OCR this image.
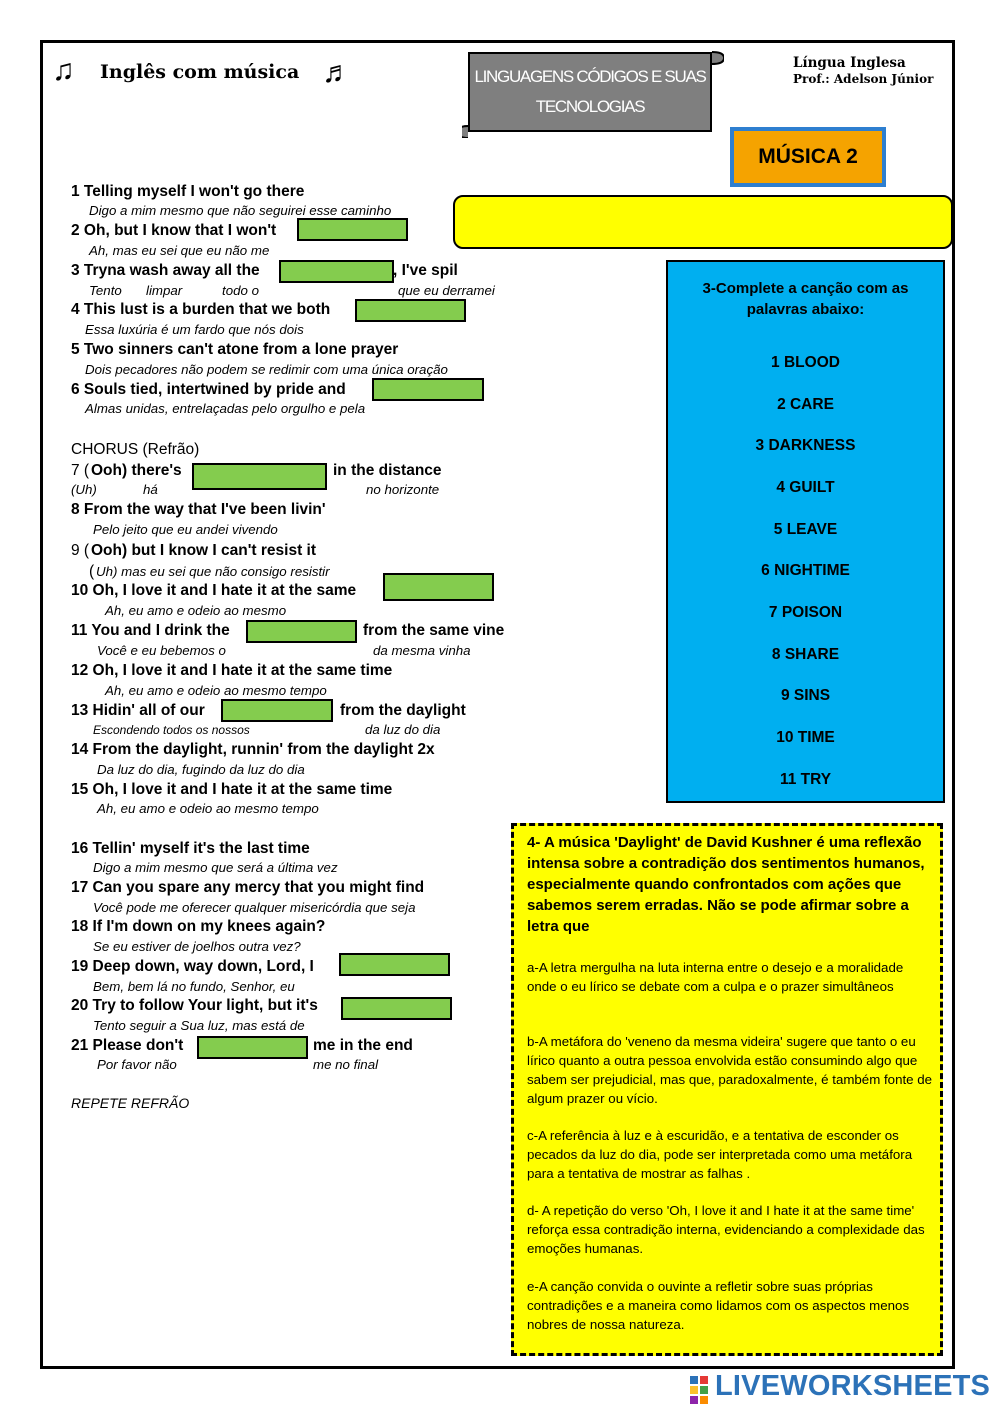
♫ Inglês com música ♬	LINGUAGENS CÓDIGOS E SUAS
TECNOLOGIAS
Língua Inglesa
Prof.: Adelson Júnior
MÚSICA 2
1 Telling myself I won't go there
Digo a mim mesmo que não seguirei esse caminho
2 Oh, but I know that I won't
Ah, mas eu sei que eu não me
3 Tryna wash away all the	, I've spil
Tento limpar	todo o	que eu derramei
4 This lust is a burden that we both
Essa luxúria é um fardo que nós dois
5 Two sinners can't atone from a lone prayer
Dois pecadores não podem se redimir com uma única oração
6 Souls tied, intertwined by pride and
Almas unidas, entrelaçadas pelo orgulho e pela
CHORUS (Refrão)
7 ( Ooh) there's	in the distance
(Uh)	há	no horizonte
8 From the way that I've been livin'
Pelo jeito que eu andei vivendo
9 ( Ooh) but I know I can't resist it
( Uh) mas eu sei que não consigo resistir
10 Oh, I love it and I hate it at the same
Ah, eu amo e odeio ao mesmo
11 You and I drink the	from the same vine
Você e eu bebemos o	da mesma vinha
12 Oh, I love it and I hate it at the same time
Ah, eu amo e odeio ao mesmo tempo
13 Hidin' all of our	from the daylight
Escondendo todos os nossos	da luz do dia
14 From the daylight, runnin' from the daylight 2x
Da luz do dia, fugindo da luz do dia
15 Oh, I love it and I hate it at the same time
Ah, eu amo e odeio ao mesmo tempo
16 Tellin' myself it's the last time
Digo a mim mesmo que será a última vez
17 Can you spare any mercy that you might find
Você pode me oferecer qualquer misericórdia que seja
18 If I'm down on my knees again?
Se eu estiver de joelhos outra vez?
19 Deep down, way down, Lord, I
Bem, bem lá no fundo, Senhor, eu
20 Try to follow Your light, but it's
Tento seguir a Sua luz, mas está de
21 Please don't	me in the end
Por favor não	me no final
REPETE REFRÃO
3-Complete a canção com as
palavras abaixo:
1 BLOOD
2 CARE
3 DARKNESS
4 GUILT
5 LEAVE
6 NIGHTIME
7 POISON
8 SHARE
9 SINS
10 TIME
11 TRY
4- A música 'Daylight' de David Kushner é uma reflexão intensa sobre a contradição dos sentimentos humanos, especialmente quando confrontados com ações que sabemos serem erradas. Não se pode afirmar sobre a letra que
a-A letra mergulha na luta interna entre o desejo e a moralidade onde o eu lírico se debate com a culpa e o prazer simultâneos
b-A metáfora do 'veneno da mesma videira' sugere que tanto o eu lírico quanto a outra pessoa envolvida estão consumindo algo que sabem ser prejudicial, mas que, paradoxalmente, é também fonte de algum prazer ou vício.
c-A referência à luz e à escuridão, e a tentativa de esconder os pecados da luz do dia, pode ser interpretada como uma metáfora para a tentativa de mostrar as falhas .
d- A repetição do verso 'Oh, I love it and I hate it at the same time' reforça essa contradição interna, evidenciando a complexidade das emoções humanas.
e-A canção convida o ouvinte a refletir sobre suas próprias contradições e a maneira como lidamos com os aspectos menos nobres de nossa natureza.
LIVEWORKSHEETS
